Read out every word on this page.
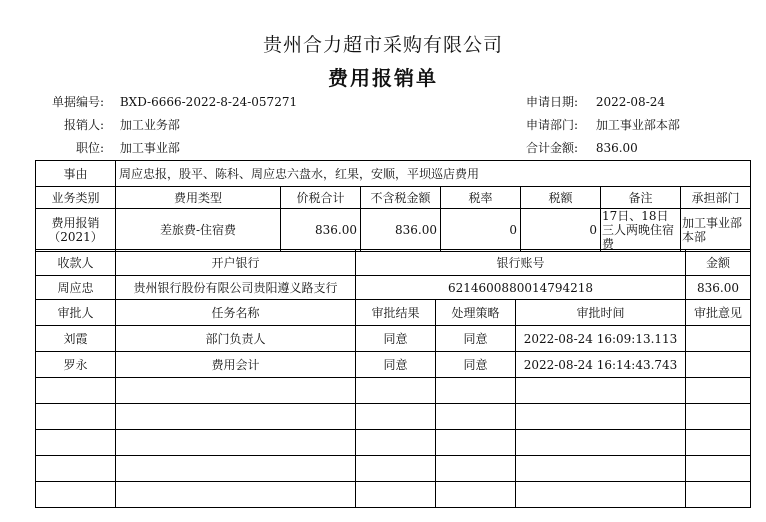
贵州合力超市采购有限公司
费用报销单
单据编号: BXD-6666-2022-8-24-057271
报销人: 加工业务部
职位: 加工事业部
申请日期: 2022-08-24
申请部门: 加工事业部本部
合计金额: 836.00
事由	周应忠报，股平、陈科、周应忠六盘水，红果，安顺，平坝巡店费用						
业务类别	费用类型	价税合计	不含税金额	税率	税额	备注	承担部门
费用报销（2021）	差旅费-住宿费	836.00	836.00	0	0	17日、18日三人两晚住宿费	加工事业部本部
收款人	开户银行	银行账号			金额
周应忠	贵州银行股份有限公司贵阳遵义路支行	6214600880014794218			836.00
审批人	任务名称	审批结果	处理策略	审批时间	审批意见
刘霞	部门负责人	同意	同意	2022-08-24 16:09:13.113	
罗永	费用会计	同意	同意	2022-08-24 16:14:43.743	
